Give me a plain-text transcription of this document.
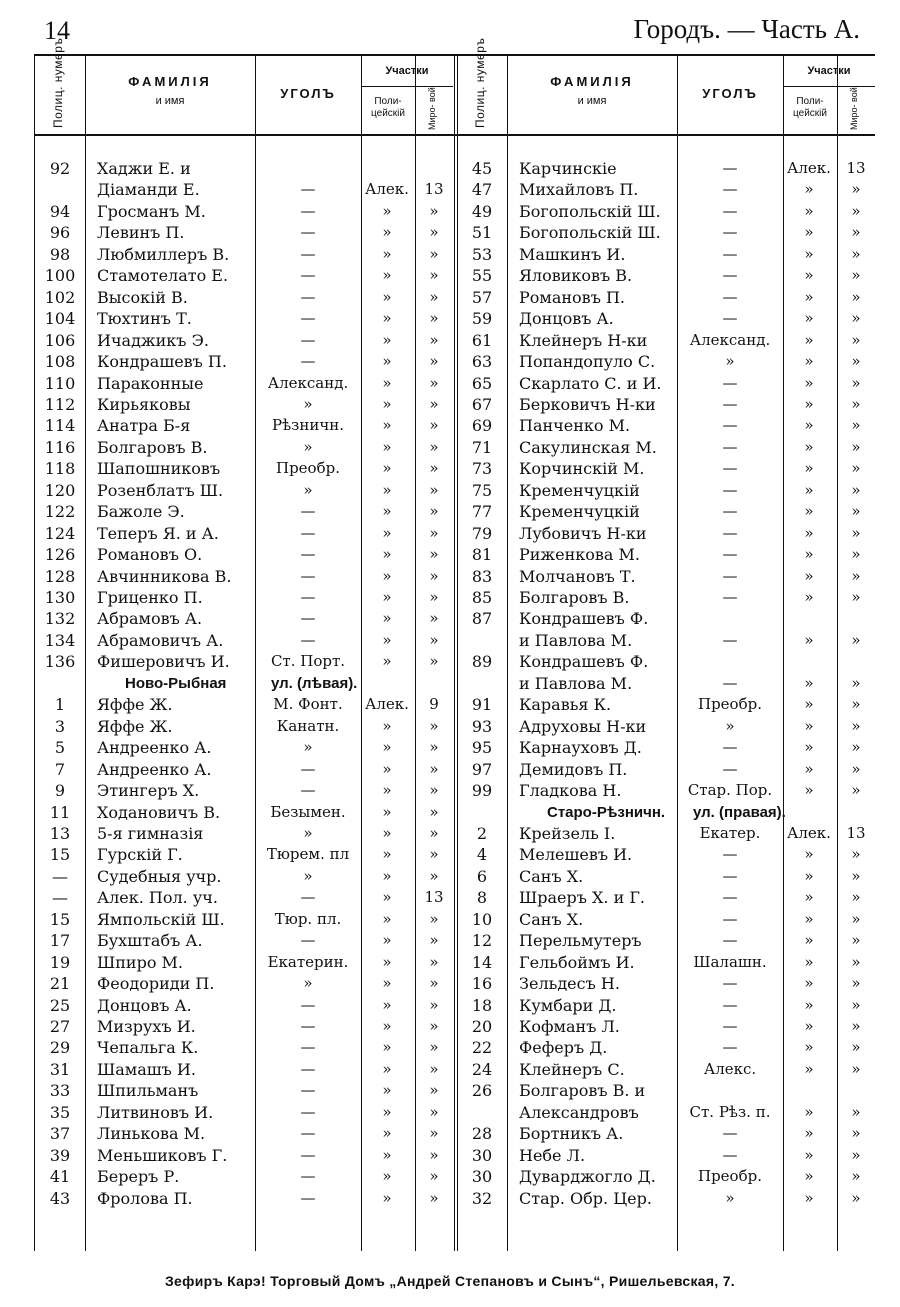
14	Городъ. — Часть А.
Полиц. нумеръ	ФАМИЛІЯ
и имя	УГОЛЪ
Участки
Поли- цейскій	Миро- вой
92	Хаджи Е. и
Діаманди Е.	—	Алек.	13
94	Гросманъ М.	—	»	»
96	Левинъ П.	—	»	»
98	Любмиллеръ В.	—	»	»
100	Стамотелато Е.	—	»	»
102	Высокій В.	—	»	»
104	Тюхтинъ Т.	—	»	»
106	Ичаджикъ Э.	—	»	»
108	Кондрашевъ П.	—	»	»
110	Параконные	Александ.	»	»
112	Кирьяковы	»	»	»
114	Анатра Б-я	Рѣзничн.	»	»
116	Болгаровъ В.	»	»	»
118	Шапошниковъ	Преобр.	»	»
120	Розенблатъ Ш.	»	»	»
122	Бажоле Э.	—	»	»
124	Теперъ Я. и А.	—	»	»
126	Романовъ О.	—	»	»
128	Авчинникова В.	—	»	»
130	Гриценко П.	—	»	»
132	Абрамовъ А.	—	»	»
134	Абрамовичъ А.	—	»	»
136	Фишеровичъ И.	Ст. Порт.	»	»
Ново-Рыбная	ул. (лѣвая).
1	Яффе Ж.	М. Фонт.	Алек.	9
3	Яффе Ж.	Канатн.	»	»
5	Андреенко А.	»	»	»
7	Андреенко А.	—	»	»
9	Этингеръ Х.	—	»	»
11	Ходановичъ В.	Безымен.	»	»
13	5-я гимназія	»	»	»
15	Гурскій Г.	Тюрем. пл	»	»
—	Судебныя учр.	»	»	»
—	Алек. Пол. уч.	—	»	13
15	Ямпольскій Ш.	Тюр. пл.	»	»
17	Бухштабъ А.	—	»	»
19	Шпиро М.	Екатерин.	»	»
21	Феодориди П.	»	»	»
25	Донцовъ А.	—	»	»
27	Мизрухъ И.	—	»	»
29	Чепальга К.	—	»	»
31	Шамашъ И.	—	»	»
33	Шпильманъ	—	»	»
35	Литвиновъ И.	—	»	»
37	Линькова М.	—	»	»
39	Меньшиковъ Г.	—	»	»
41	Береръ Р.	—	»	»
43	Фролова П.	—	»	»
Полиц. нумеръ	ФАМИЛІЯ
и имя	УГОЛЪ
Участки
Поли- цейскій	Миро- вой
45	Карчинскіе	—	Алек.	13
47	Михайловъ П.	—	»	»
49	Богопольскій Ш.	—	»	»
51	Богопольскій Ш.	—	»	»
53	Машкинъ И.	—	»	»
55	Яловиковъ В.	—	»	»
57	Романовъ П.	—	»	»
59	Донцовъ А.	—	»	»
61	Клейнеръ Н-ки	Александ.	»	»
63	Попандопуло С.	»	»	»
65	Скарлато С. и И.	—	»	»
67	Берковичъ Н-ки	—	»	»
69	Панченко М.	—	»	»
71	Сакулинская М.	—	»	»
73	Корчинскій М.	—	»	»
75	Кременчуцкій	—	»	»
77	Кременчуцкій	—	»	»
79	Лубовичъ Н-ки	—	»	»
81	Риженкова М.	—	»	»
83	Молчановъ Т.	—	»	»
85	Болгаровъ В.	—	»	»
87	Кондрашевъ Ф.
и Павлова М.	—	»	»
89	Кондрашевъ Ф.
и Павлова М.	—	»	»
91	Каравья К.	Преобр.	»	»
93	Адруховы Н-ки	»	»	»
95	Карнауховъ Д.	—	»	»
97	Демидовъ П.	—	»	»
99	Гладкова Н.	Стар. Пор.	»	»
Старо-Рѣзничн. ул. (правая).
2	Крейзель І.	Екатер.	Алек.	13
4	Мелешевъ И.	—	»	»
6	Санъ Х.	—	»	»
8	Шраеръ Х. и Г.	—	»	»
10	Санъ Х.	—	»	»
12	Перельмутеръ	—	»	»
14	Гельбоймъ И.	Шалашн.	»	»
16	Зельдесъ Н.	—	»	»
18	Кумбари Д.	—	»	»
20	Кофманъ Л.	—	»	»
22	Феферъ Д.	—	»	»
24	Клейнеръ С.	Алекс.	»	»
26	Болгаровъ В. и
Александровъ	Ст. Рѣз. п.	»	»
28	Бортникъ А.	—	»	»
30	Небе Л.	—	»	»
30	Дуварджогло Д.	Преобр.	»	»
32	Стар. Обр. Цер.	»	»	»
Зефиръ Карэ! Торговый Домъ „Андрей Степановъ и Сынъ“, Ришельевская, 7.
